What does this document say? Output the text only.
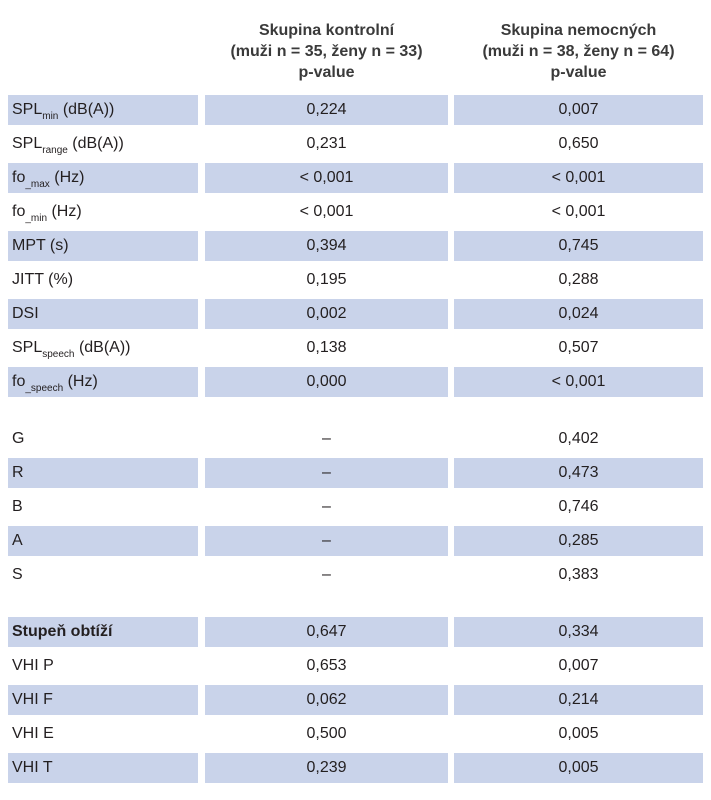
Skupina kontrolní
(muži n = 35, ženy n = 33)
p-value
Skupina nemocných
(muži n = 38, ženy n = 64)
p-value
$SPL_{min}$ (dB(A))	0,224	0,007
$SPL_{range}$ (dB(A))	0,231	0,650
$fo_{\_max}$ (Hz)	< 0,001	< 0,001
$fo_{\_min}$ (Hz)	< 0,001	< 0,001
MPT (s)	0,394	0,745
JITT (%)	0,195	0,288
DSI	0,002	0,024
$SPL_{speech}$ (dB(A))	0,138	0,507
$fo_{\_speech}$ (Hz)	0,000	< 0,001
G	–	0,402
R	–	0,473
B	–	0,746
A	–	0,285
S	–	0,383
Stupeň obtíží	0,647	0,334
VHI P	0,653	0,007
VHI F	0,062	0,214
VHI E	0,500	0,005
VHI T	0,239	0,005
